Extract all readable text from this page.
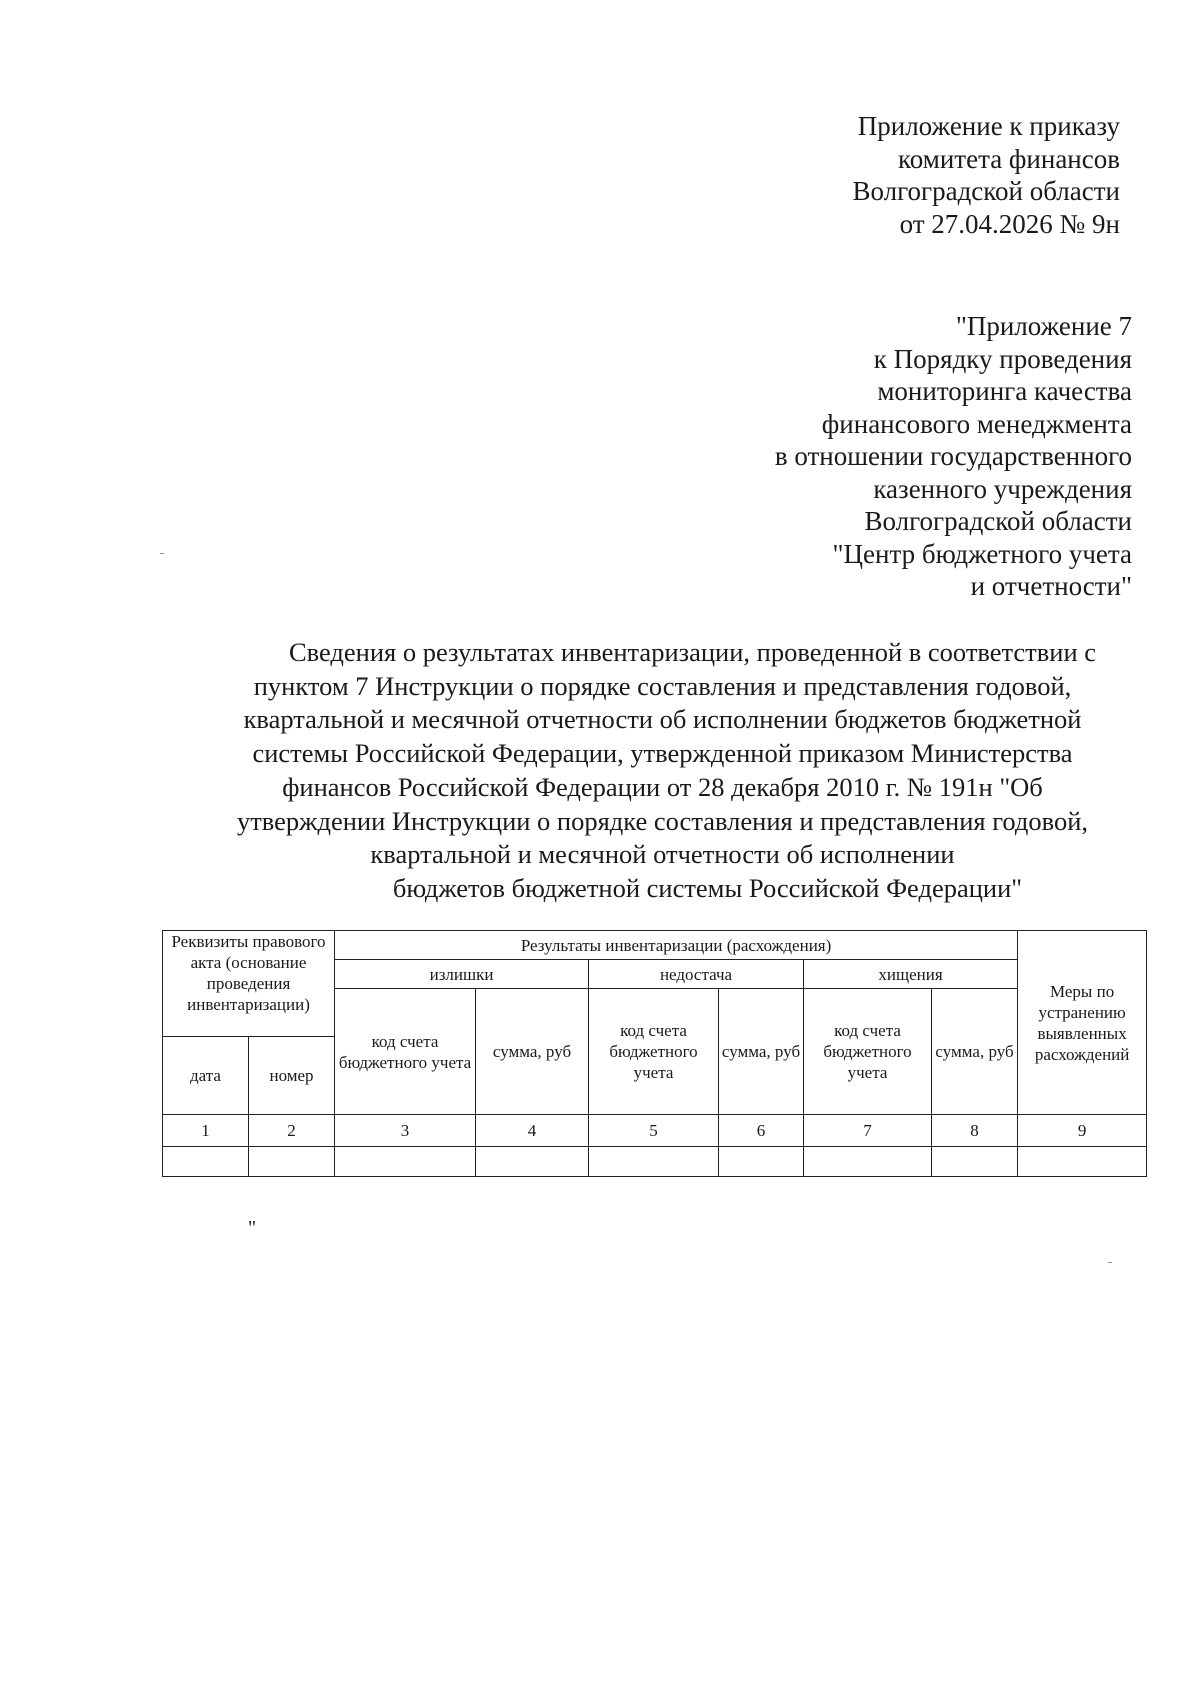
Приложение к приказу
комитета финансов
Волгоградской области
от 27.04.2026 № 9н
"Приложение 7
к Порядку проведения
мониторинга качества
финансового менеджмента
в отношении государственного
казенного учреждения
Волгоградской области
"Центр бюджетного учета
и отчетности"
Сведения о результатах инвентаризации, проведенной в соответствии с
пунктом 7 Инструкции о порядке составления и представления годовой,
квартальной и месячной отчетности об исполнении бюджетов бюджетной
системы Российской Федерации, утвержденной приказом Министерства
финансов Российской Федерации от 28 декабря 2010 г. № 191н "Об
утверждении Инструкции о порядке составления и представления годовой,
квартальной и месячной отчетности об исполнении
бюджетов бюджетной системы Российской Федерации"
Реквизиты правового акта (основание проведения инвентаризации)		Результаты инвентаризации (расхождения)						Меры по устранению выявленных расхождений
		излишки		недостача		хищения		
		код счета бюджетного учета	сумма, руб	код счета бюджетного учета	сумма, руб	код счета бюджетного учета	сумма, руб	
дата	номер							
1	2	3	4	5	6	7	8	9

"
